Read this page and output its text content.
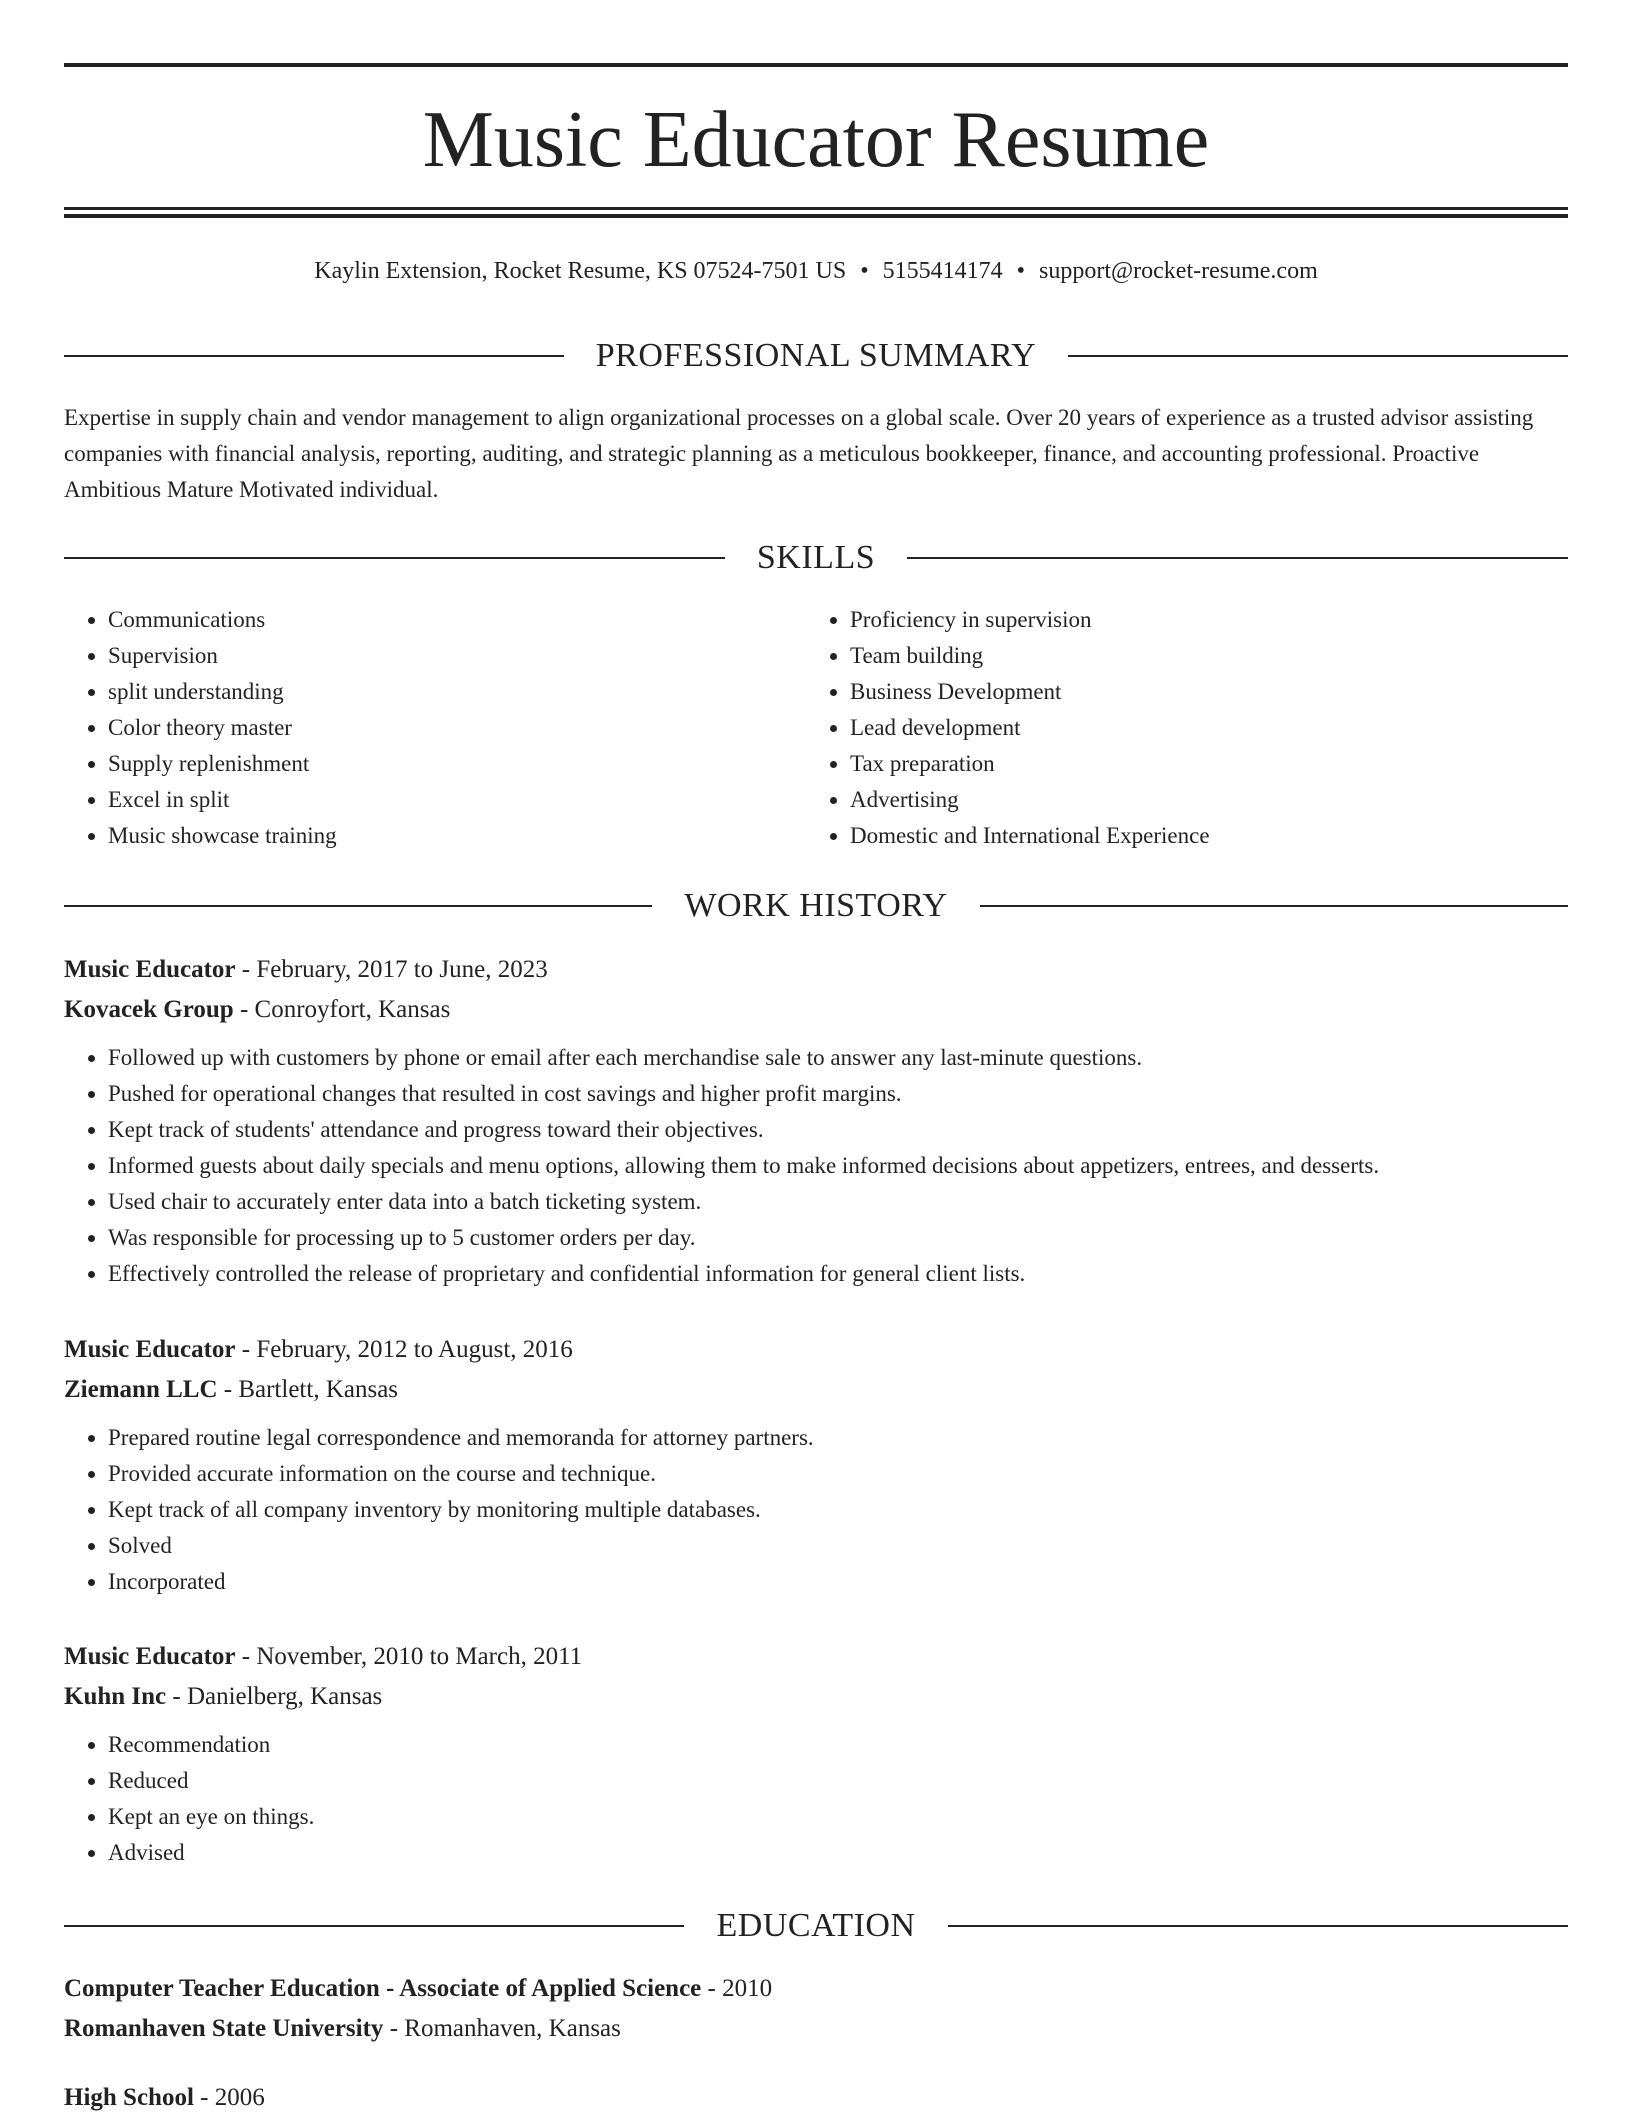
Music Educator Resume
Kaylin Extension, Rocket Resume, KS 07524-7501 US • 5155414174 • support@rocket-resume.com
PROFESSIONAL SUMMARY

Expertise in supply chain and vendor management to align organizational processes on a global scale. Over 20 years of experience as a trusted advisor assisting companies with financial analysis, reporting, auditing, and strategic planning as a meticulous bookkeeper, finance, and accounting professional. Proactive Ambitious Mature Motivated individual.

SKILLS
• Communications
• Supervision
• split understanding
• Color theory master
• Supply replenishment
• Excel in split
• Music showcase training
• Proficiency in supervision
• Team building
• Business Development
• Lead development
• Tax preparation
• Advertising
• Domestic and International Experience
WORK HISTORY
Music Educator - February, 2017 to June, 2023
Kovacek Group - Conroyfort, Kansas
• Followed up with customers by phone or email after each merchandise sale to answer any last-minute questions.
• Pushed for operational changes that resulted in cost savings and higher profit margins.
• Kept track of students' attendance and progress toward their objectives.
• Informed guests about daily specials and menu options, allowing them to make informed decisions about appetizers, entrees, and desserts.
• Used chair to accurately enter data into a batch ticketing system.
• Was responsible for processing up to 5 customer orders per day.
• Effectively controlled the release of proprietary and confidential information for general client lists.
Music Educator - February, 2012 to August, 2016
Ziemann LLC - Bartlett, Kansas
• Prepared routine legal correspondence and memoranda for attorney partners.
• Provided accurate information on the course and technique.
• Kept track of all company inventory by monitoring multiple databases.
• Solved
• Incorporated
Music Educator - November, 2010 to March, 2011
Kuhn Inc - Danielberg, Kansas
• Recommendation
• Reduced
• Kept an eye on things.
• Advised
EDUCATION
Computer Teacher Education - Associate of Applied Science - 2010
Romanhaven State University - Romanhaven, Kansas
High School - 2006
